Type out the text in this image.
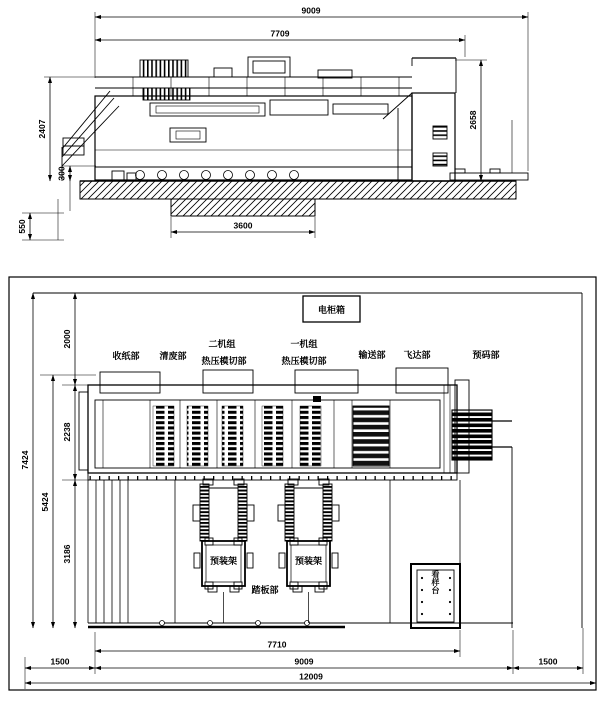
9009
7709
2407
300
550
2658
3600
7424
5424
2000
2238
3186
7710
1500	9009	1500
12009
电柜箱
收纸部 清废部
二机组
热压模切部
一机组
热压模切部
输送部 飞达部	预码部
踏板部
预装架	预装架
看样台
